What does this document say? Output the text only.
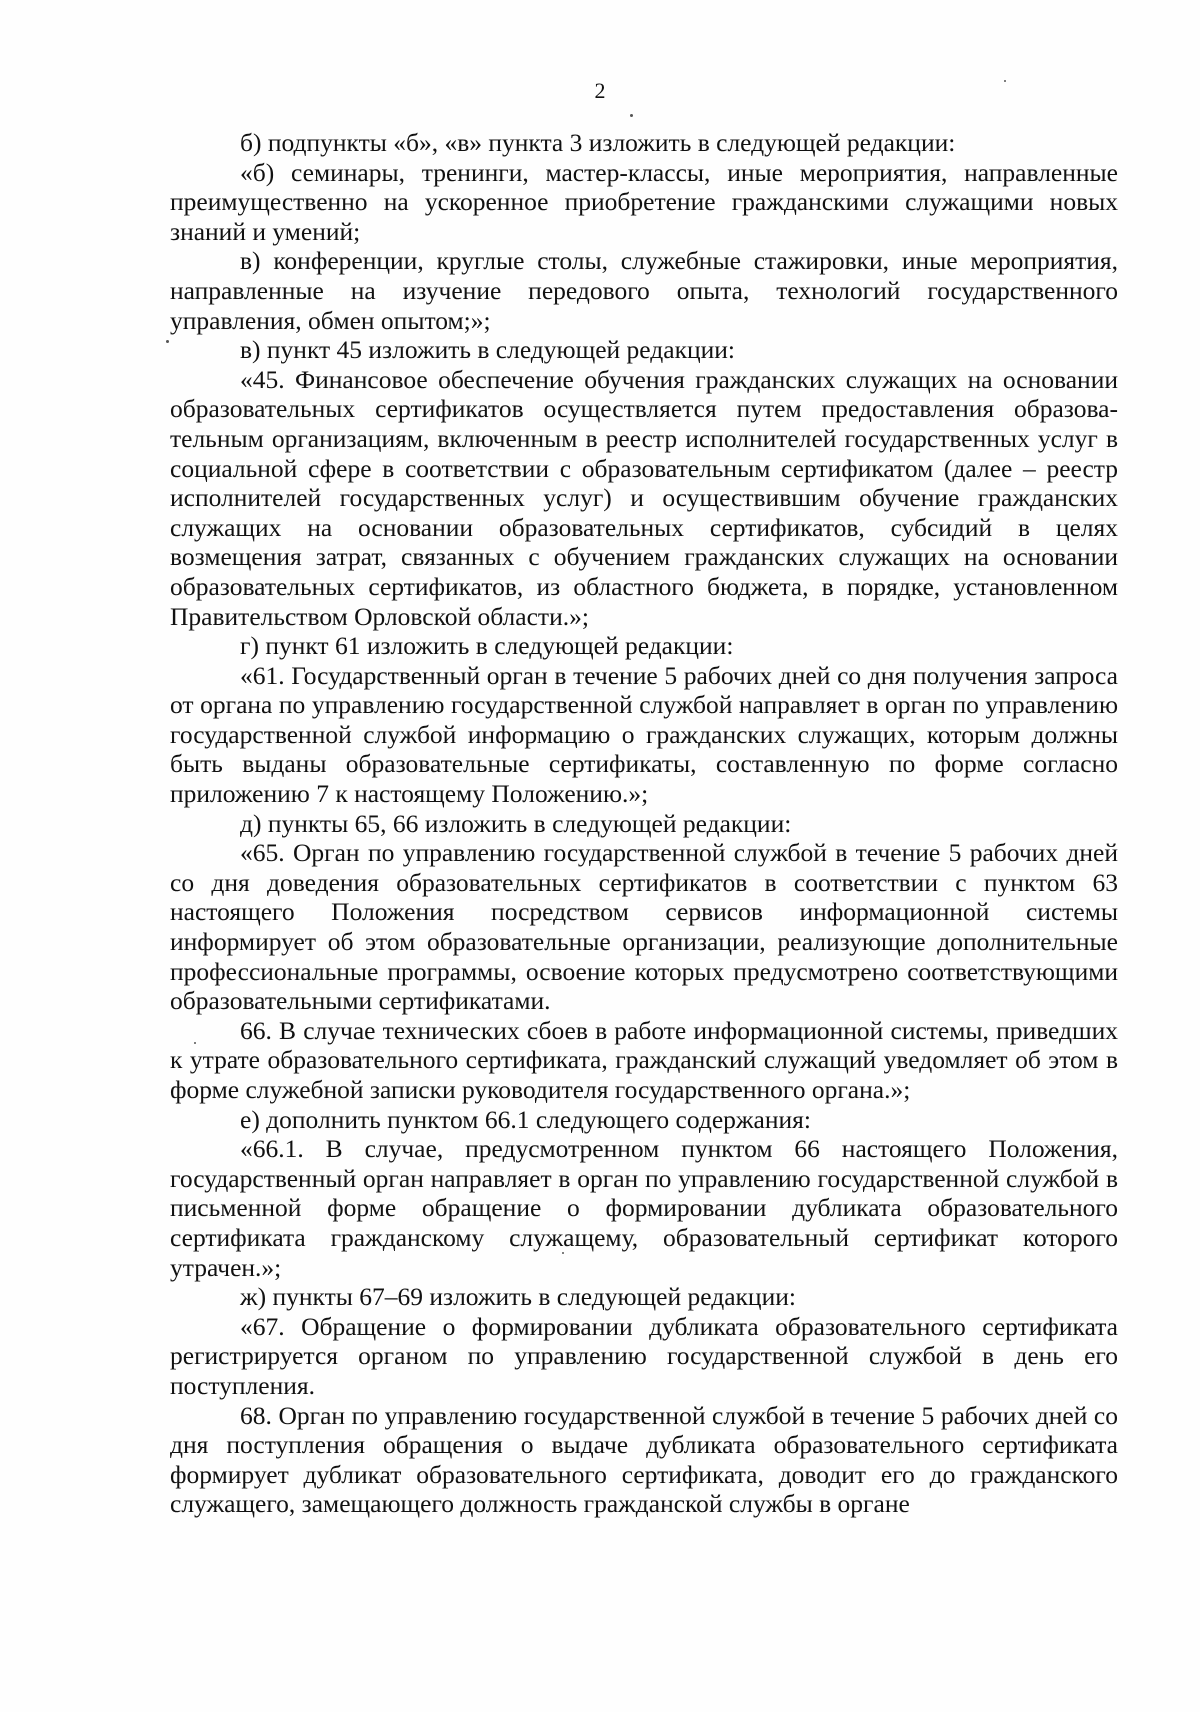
2

б) подпункты «б», «в» пункта 3 изложить в следующей редакции:

«б) семинары, тренинги, мастер-классы, иные мероприятия, направленные преимущественно на ускоренное приобретение гражданскими служащими новых знаний и умений;

в) конференции, круглые столы, служебные стажировки, иные мероприятия, направленные на изучение передового опыта, технологий государственного управления, обмен опытом;»;

в) пункт 45 изложить в следующей редакции:

«45. Финансовое обеспечение обучения гражданских служащих на основании образовательных сертификатов осуществляется путем предоставления образовательным организациям, включенным в реестр исполнителей государственных услуг в социальной сфере в соответствии с образовательным сертификатом (далее – реестр исполнителей государственных услуг) и осуществившим обучение гражданских служащих на основании образовательных сертификатов, субсидий в целях возмещения затрат, связанных с обучением гражданских служащих на основании образовательных сертификатов, из областного бюджета, в порядке, установленном Правительством Орловской области.»;

г) пункт 61 изложить в следующей редакции:

«61. Государственный орган в течение 5 рабочих дней со дня получения запроса от органа по управлению государственной службой направляет в орган по управлению государственной службой информацию о гражданских служащих, которым должны быть выданы образовательные сертификаты, составленную по форме согласно приложению 7 к настоящему Положению.»;

д) пункты 65, 66 изложить в следующей редакции:

«65. Орган по управлению государственной службой в течение 5 рабочих дней со дня доведения образовательных сертификатов в соответствии с пунктом 63 настоящего Положения посредством сервисов информационной системы информирует об этом образовательные организации, реализующие дополнительные профессиональные программы, освоение которых предусмотрено соответствующими образовательными сертификатами.

66. В случае технических сбоев в работе информационной системы, приведших к утрате образовательного сертификата, гражданский служащий уведомляет об этом в форме служебной записки руководителя государственного органа.»;

е) дополнить пунктом 66.1 следующего содержания:

«66.1. В случае, предусмотренном пунктом 66 настоящего Положения, государственный орган направляет в орган по управлению государственной службой в письменной форме обращение о формировании дубликата образовательного сертификата гражданскому служащему, образовательный сертификат которого утрачен.»;

ж) пункты 67–69 изложить в следующей редакции:

«67. Обращение о формировании дубликата образовательного сертификата регистрируется органом по управлению государственной службой в день его поступления.

68. Орган по управлению государственной службой в течение 5 рабочих дней со дня поступления обращения о выдаче дубликата образовательного сертификата формирует дубликат образовательного сертификата, доводит его до гражданского служащего, замещающего должность гражданской службы в органе
